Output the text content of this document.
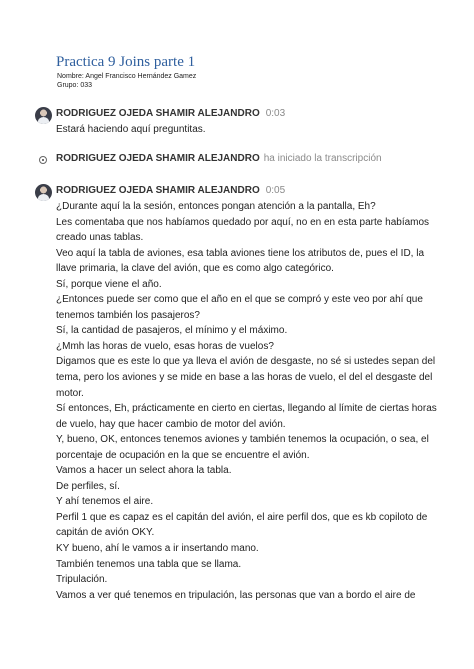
Practica 9 Joins parte 1
Nombre: Angel Francisco Hernández Gamez
Grupo: 033
RODRIGUEZ OJEDA SHAMIR ALEJANDRO 0:03
Estará haciendo aquí preguntitas.
RODRIGUEZ OJEDA SHAMIR ALEJANDRO ha iniciado la transcripción
RODRIGUEZ OJEDA SHAMIR ALEJANDRO 0:05
¿Durante aquí la la sesión, entonces pongan atención a la pantalla, Eh?
Les comentaba que nos habíamos quedado por aquí, no en en esta parte habíamos
creado unas tablas.
Veo aquí la tabla de aviones, esa tabla aviones tiene los atributos de, pues el ID, la
llave primaria, la clave del avión, que es como algo categórico.
Sí, porque viene el año.
¿Entonces puede ser como que el año en el que se compró y este veo por ahí que
tenemos también los pasajeros?
Sí, la cantidad de pasajeros, el mínimo y el máximo.
¿Mmh las horas de vuelo, esas horas de vuelos?
Digamos que es este lo que ya lleva el avión de desgaste, no sé si ustedes sepan del
tema, pero los aviones y se mide en base a las horas de vuelo, el del el desgaste del
motor.
Sí entonces, Eh, prácticamente en cierto en ciertas, llegando al límite de ciertas horas
de vuelo, hay que hacer cambio de motor del avión.
Y, bueno, OK, entonces tenemos aviones y también tenemos la ocupación, o sea, el
porcentaje de ocupación en la que se encuentre el avión.
Vamos a hacer un select ahora la tabla.
De perfiles, sí.
Y ahí tenemos el aire.
Perfil 1 que es capaz es el capitán del avión, el aire perfil dos, que es kb copiloto de
capitán de avión OKY.
KY bueno, ahí le vamos a ir insertando mano.
También tenemos una tabla que se llama.
Tripulación.
Vamos a ver qué tenemos en tripulación, las personas que van a bordo el aire de
